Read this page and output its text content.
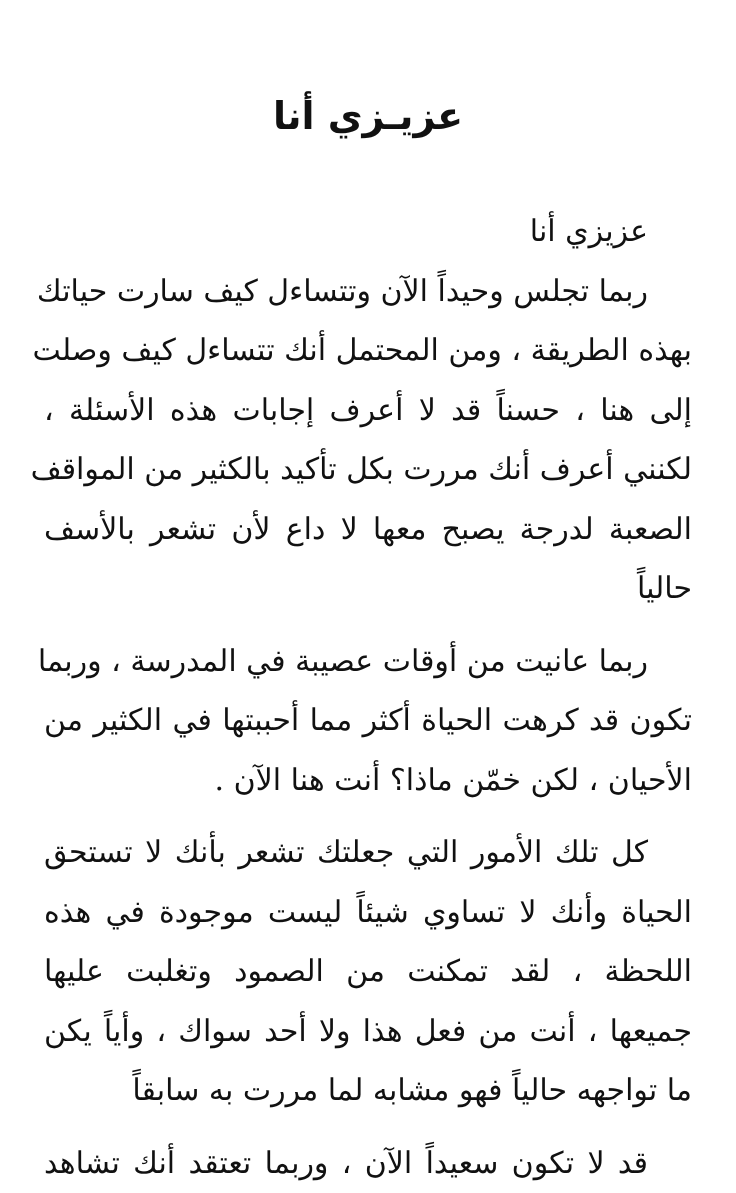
عزيـزي أنا
عزيزي أنا
ربما تجلس وحيداً الآن وتتساءل كيف سارت حياتك
بهذه الطريقة ، ومن المحتمل أنك تتساءل كيف وصلت
إلى هنا ، حسناً قد لا أعرف إجابات هذه الأسئلة ،
لكنني أعرف أنك مررت بكل تأكيد بالكثير من المواقف
الصعبة لدرجة يصبح معها لا داع لأن تشعر بالأسف
حالياً
ربما عانيت من أوقات عصيبة في المدرسة ، وربما
تكون قد كرهت الحياة أكثر مما أحببتها في الكثير من
الأحيان ، لكن خمّن ماذا؟ أنت هنا الآن .
كل تلك الأمور التي جعلتك تشعر بأنك لا تستحق
الحياة وأنك لا تساوي شيئاً ليست موجودة في هذه
اللحظة ، لقد تمكنت من الصمود وتغلبت عليها
جميعها ، أنت من فعل هذا ولا أحد سواك ، وأياً يكن
ما تواجهه حالياً فهو مشابه لما مررت به سابقاً
قد لا تكون سعيداً الآن ، وربما تعتقد أنك تشاهد
